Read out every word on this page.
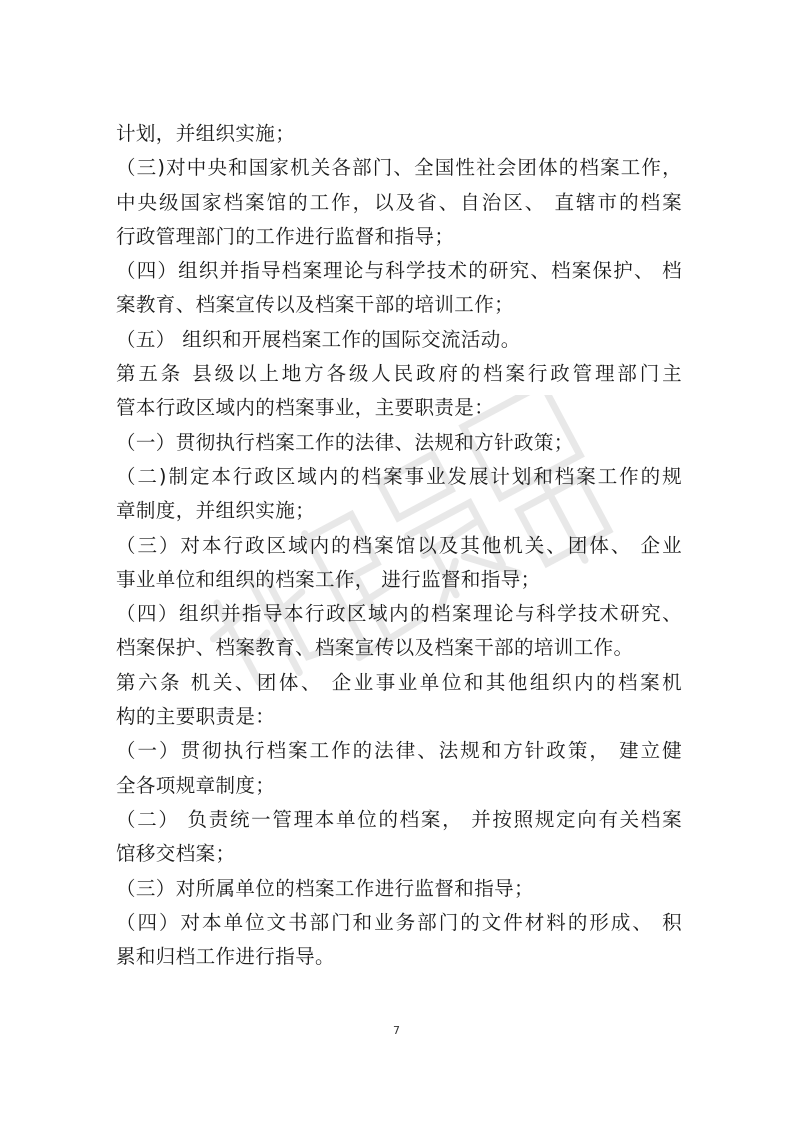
计划，并组织实施；
（三)对中央和国家机关各部门、全国性社会团体的档案工作，
中央级国家档案馆的工作，以及省、自治区、 直辖市的档案
行政管理部门的工作进行监督和指导；
（四）组织并指导档案理论与科学技术的研究、档案保护、 档
案教育、档案宣传以及档案干部的培训工作；
（五） 组织和开展档案工作的国际交流活动。
第五条 县级以上地方各级人民政府的档案行政管理部门主
管本行政区域内的档案事业，主要职责是：
（一）贯彻执行档案工作的法律、法规和方针政策；
（二)制定本行政区域内的档案事业发展计划和档案工作的规
章制度，并组织实施；
（三）对本行政区域内的档案馆以及其他机关、团体、 企业
事业单位和组织的档案工作， 进行监督和指导；
（四）组织并指导本行政区域内的档案理论与科学技术研究、
档案保护、档案教育、档案宣传以及档案干部的培训工作。
第六条 机关、团体、 企业事业单位和其他组织内的档案机
构的主要职责是：
（一）贯彻执行档案工作的法律、法规和方针政策， 建立健
全各项规章制度；
（二） 负责统一管理本单位的档案， 并按照规定向有关档案
馆移交档案；
（三）对所属单位的档案工作进行监督和指导；
（四）对本单位文书部门和业务部门的文件材料的形成、 积
累和归档工作进行指导。
7
